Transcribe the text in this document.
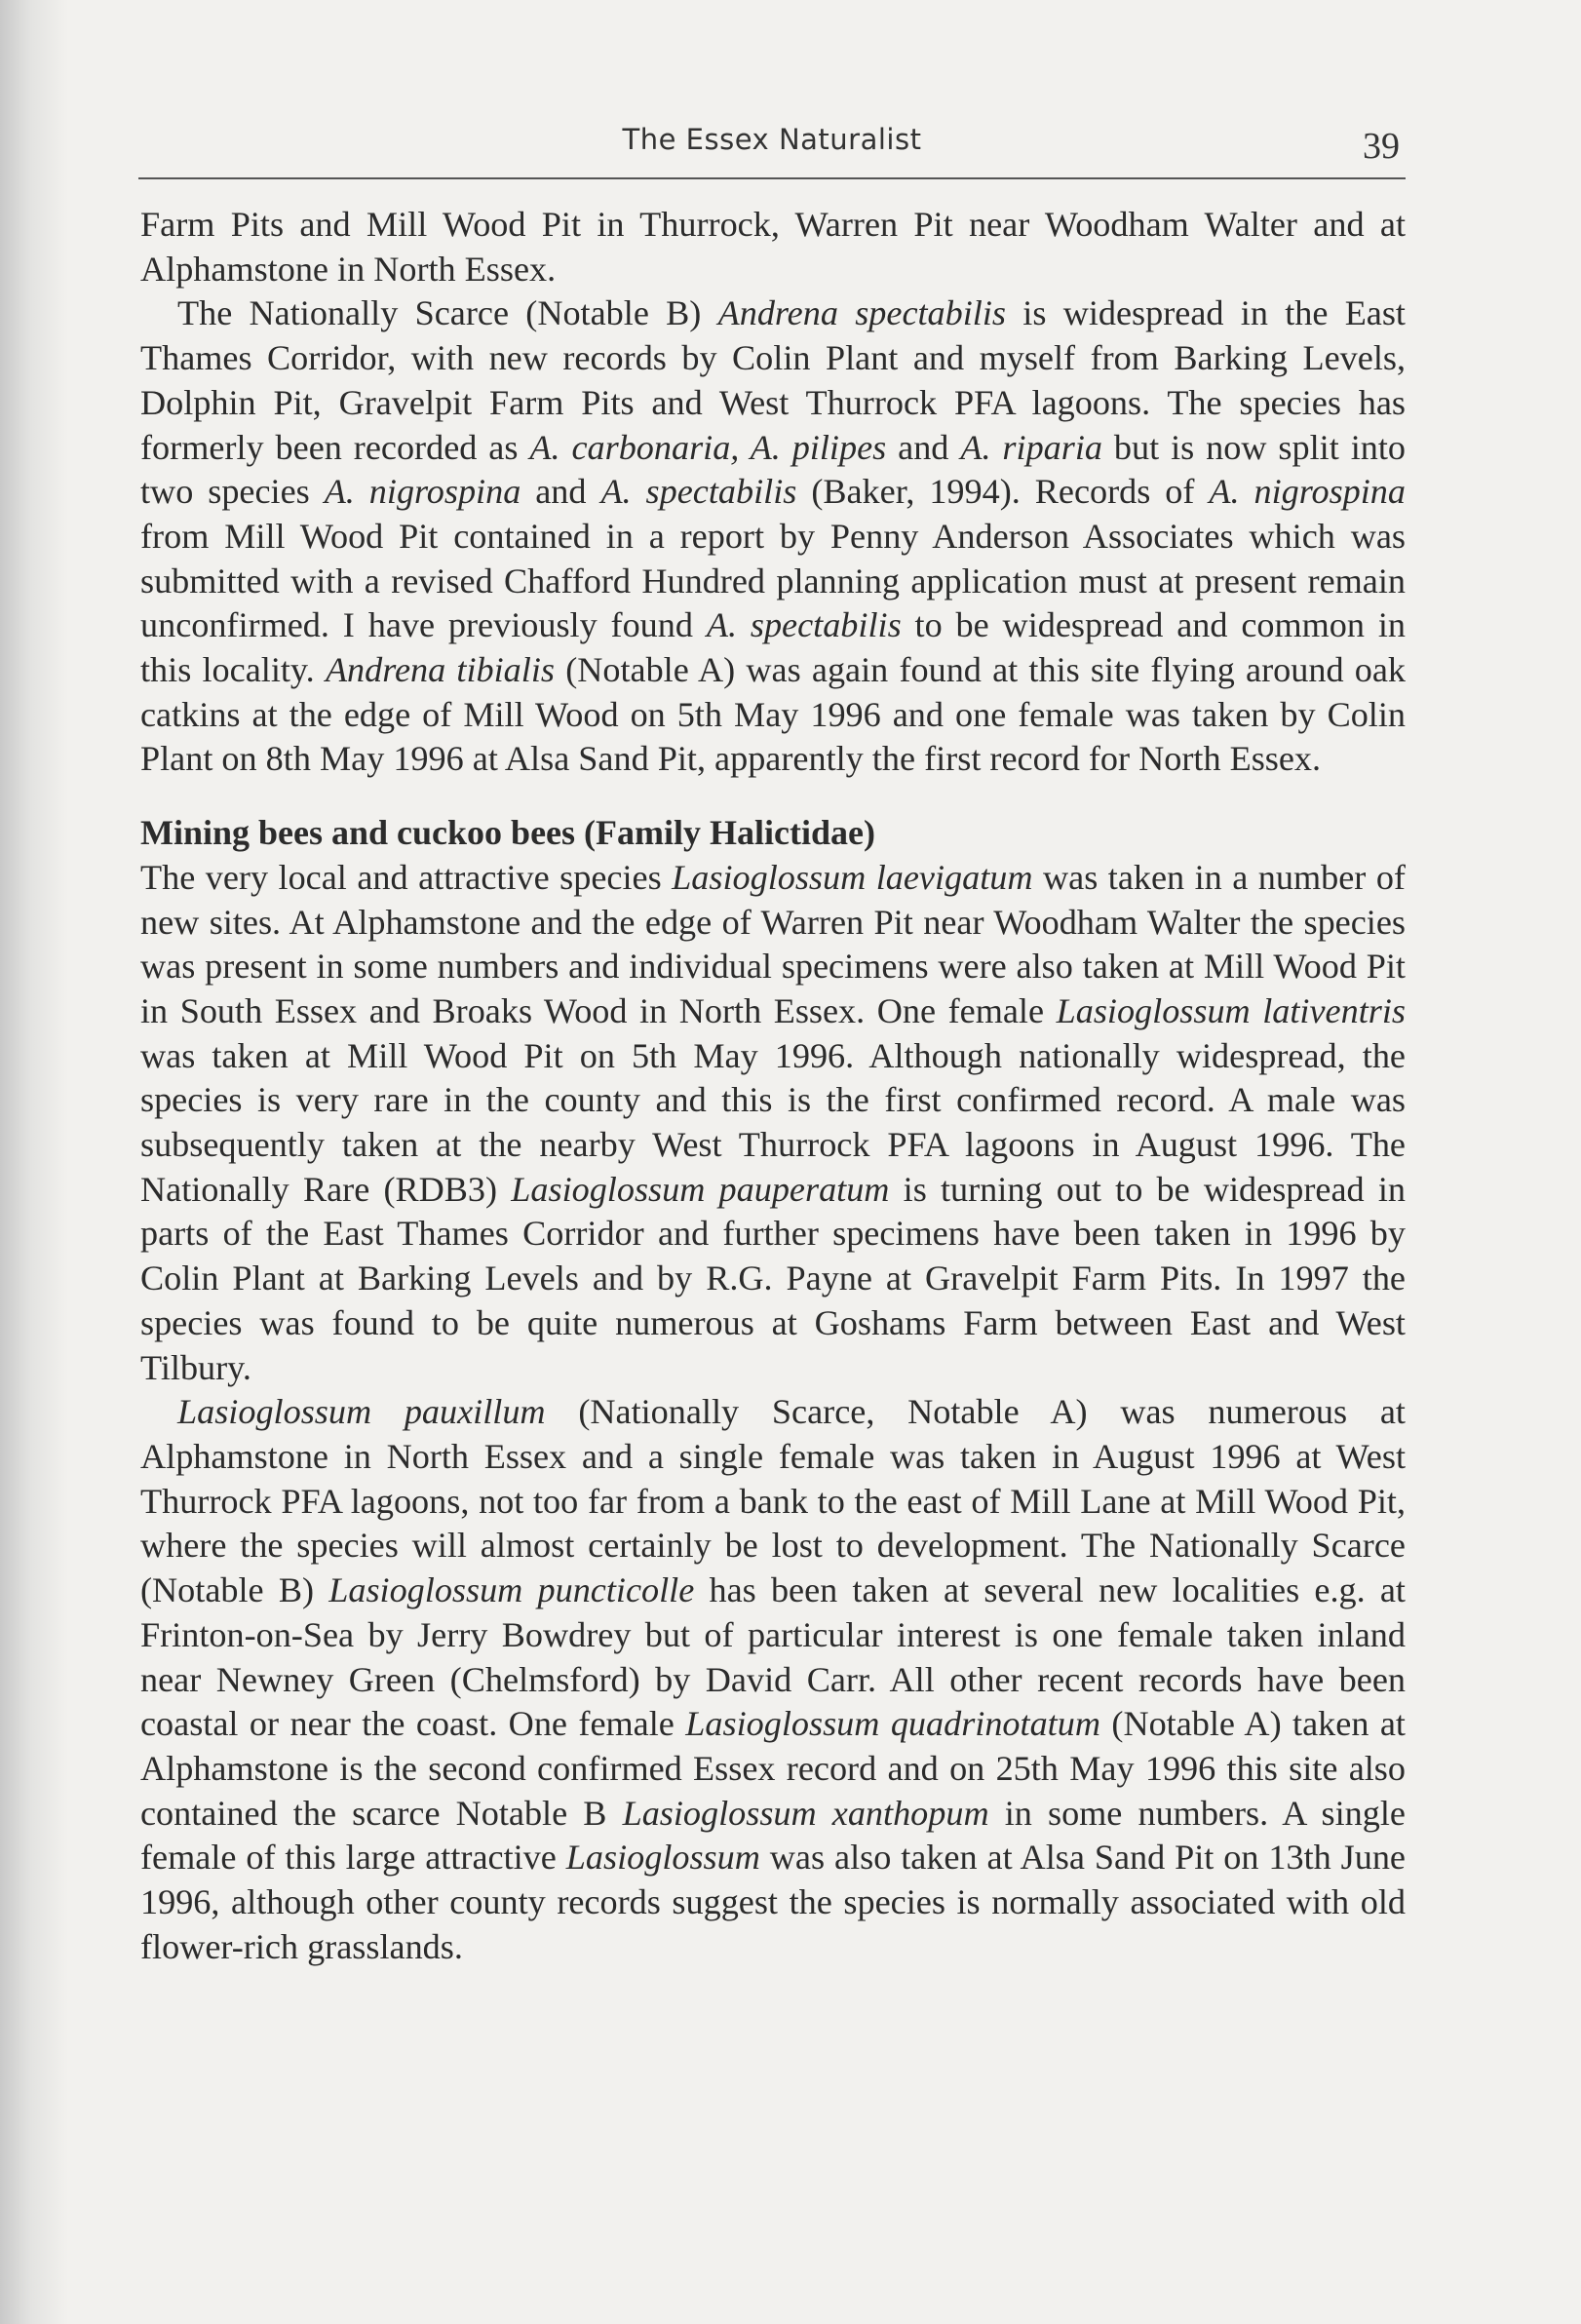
The Essex Naturalist	39

Farm Pits and Mill Wood Pit in Thurrock, Warren Pit near Woodham Walter and at Alphamstone in North Essex.

The Nationally Scarce (Notable B) Andrena spectabilis is widespread in the East Thames Corridor, with new records by Colin Plant and myself from Barking Levels, Dolphin Pit, Gravelpit Farm Pits and West Thurrock PFA lagoons. The species has formerly been recorded as A. carbonaria, A. pilipes and A. riparia but is now split into two species A. nigrospina and A. spectabilis (Baker, 1994). Records of A. nigrospina from Mill Wood Pit contained in a report by Penny Anderson Associates which was submitted with a revised Chafford Hundred planning application must at present remain unconfirmed. I have previously found A. spectabilis to be widespread and common in this locality. Andrena tibialis (Notable A) was again found at this site flying around oak catkins at the edge of Mill Wood on 5th May 1996 and one female was taken by Colin Plant on 8th May 1996 at Alsa Sand Pit, apparently the first record for North Essex.

Mining bees and cuckoo bees (Family Halictidae)

The very local and attractive species Lasioglossum laevigatum was taken in a number of new sites. At Alphamstone and the edge of Warren Pit near Woodham Walter the species was present in some numbers and individual specimens were also taken at Mill Wood Pit in South Essex and Broaks Wood in North Essex. One female Lasioglossum lativentris was taken at Mill Wood Pit on 5th May 1996. Although nationally widespread, the species is very rare in the county and this is the first confirmed record. A male was subsequently taken at the nearby West Thurrock PFA lagoons in August 1996. The Nationally Rare (RDB3) Lasioglossum pauperatum is turning out to be widespread in parts of the East Thames Corridor and further specimens have been taken in 1996 by Colin Plant at Barking Levels and by R.G. Payne at Gravelpit Farm Pits. In 1997 the species was found to be quite numerous at Goshams Farm between East and West Tilbury.

Lasioglossum pauxillum (Nationally Scarce, Notable A) was numerous at Alphamstone in North Essex and a single female was taken in August 1996 at West Thurrock PFA lagoons, not too far from a bank to the east of Mill Lane at Mill Wood Pit, where the species will almost certainly be lost to development. The Nationally Scarce (Notable B) Lasioglossum puncticolle has been taken at several new localities e.g. at Frinton-on-Sea by Jerry Bowdrey but of particular interest is one female taken inland near Newney Green (Chelmsford) by David Carr. All other recent records have been coastal or near the coast. One female Lasioglossum quadrinotatum (Notable A) taken at Alphamstone is the second confirmed Essex record and on 25th May 1996 this site also contained the scarce Notable B Lasioglossum xanthopum in some numbers. A single female of this large attractive Lasioglossum was also taken at Alsa Sand Pit on 13th June 1996, although other county records suggest the species is normally associated with old flower-rich grasslands.
